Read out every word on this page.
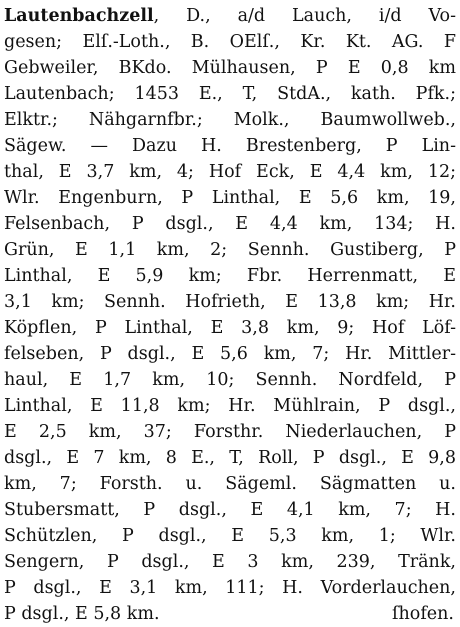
Lautenbachzell, D., a/d Lauch, i/d Vo-
gesen; Elſ.-Loth., B. OElſ., Kr. Kt. AG. F
Gebweiler, BKdo. Mülhausen, P E 0,8 km
Lautenbach; 1453 E., T, StdA., kath. Pfk.;
Elktr.; Nähgarnfbr.; Molk., Baumwollweb.,
Sägew. — Dazu H. Brestenberg, P Lin-
thal, E 3,7 km, 4; Hof Eck, E 4,4 km, 12;
Wlr. Engenburn, P Linthal, E 5,6 km, 19,
Felsenbach, P dsgl., E 4,4 km, 134; H.
Grün, E 1,1 km, 2; Sennh. Gustiberg, P
Linthal, E 5,9 km; Fbr. Herrenmatt, E
3,1 km; Sennh. Hofrieth, E 13,8 km; Hr.
Köpflen, P Linthal, E 3,8 km, 9; Hof Löf-
felseben, P dsgl., E 5,6 km, 7; Hr. Mittler-
haul, E 1,7 km, 10; Sennh. Nordfeld, P
Linthal, E 11,8 km; Hr. Mühlrain, P dsgl.,
E 2,5 km, 37; Forsthr. Niederlauchen, P
dsgl., E 7 km, 8 E., T, Roll, P dsgl., E 9,8
km, 7; Forsth. u. Sägeml. Sägmatten u.
Stubersmatt, P dsgl., E 4,1 km, 7; H.
Schützlen, P dsgl., E 5,3 km, 1; Wlr.
Sengern, P dsgl., E 3 km, 239, Tränk,
P dsgl., E 3,1 km, 111; H. Vorderlauchen,
P dsgl., E 5,8 km.	ſhofen.
